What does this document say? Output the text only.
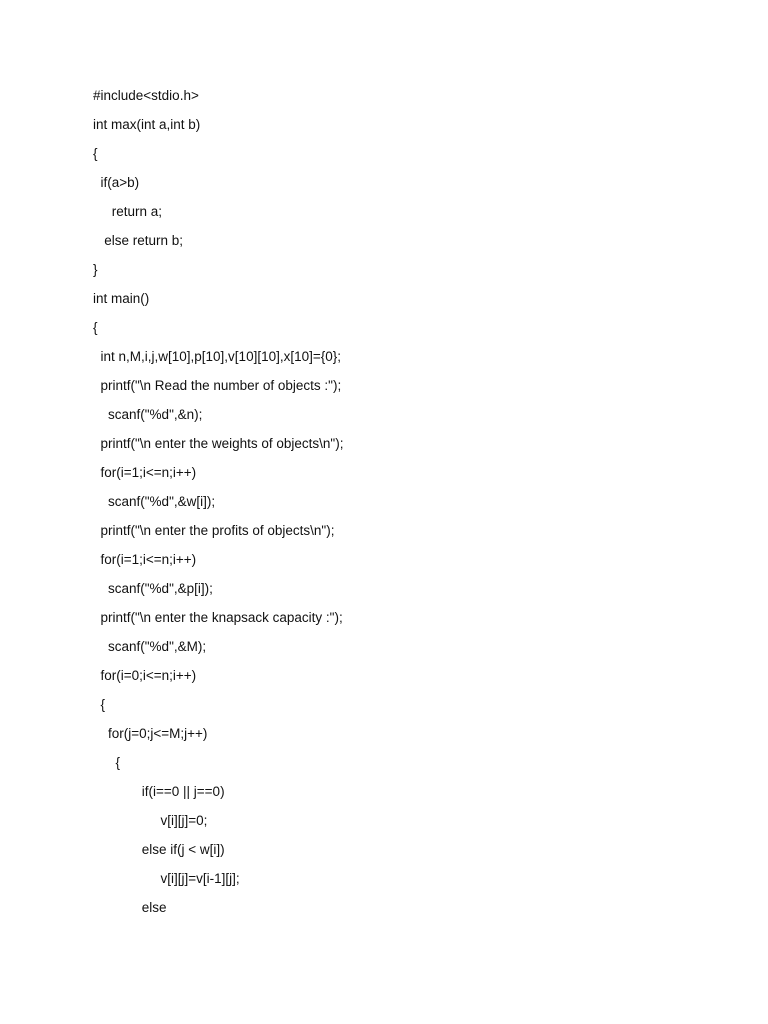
#include<stdio.h>
int max(int a,int b)
{
if(a>b)
return a;
else return b;
}
int main()
{
int n,M,i,j,w[10],p[10],v[10][10],x[10]={0};
printf("\n Read the number of objects :");
scanf("%d",&n);
printf("\n enter the weights of objects\n");
for(i=1;i<=n;i++)
scanf("%d",&w[i]);
printf("\n enter the profits of objects\n");
for(i=1;i<=n;i++)
scanf("%d",&p[i]);
printf("\n enter the knapsack capacity :");
scanf("%d",&M);
for(i=0;i<=n;i++)
{
for(j=0;j<=M;j++)
{
if(i==0 || j==0)
v[i][j]=0;
else if(j < w[i])
v[i][j]=v[i-1][j];
else
